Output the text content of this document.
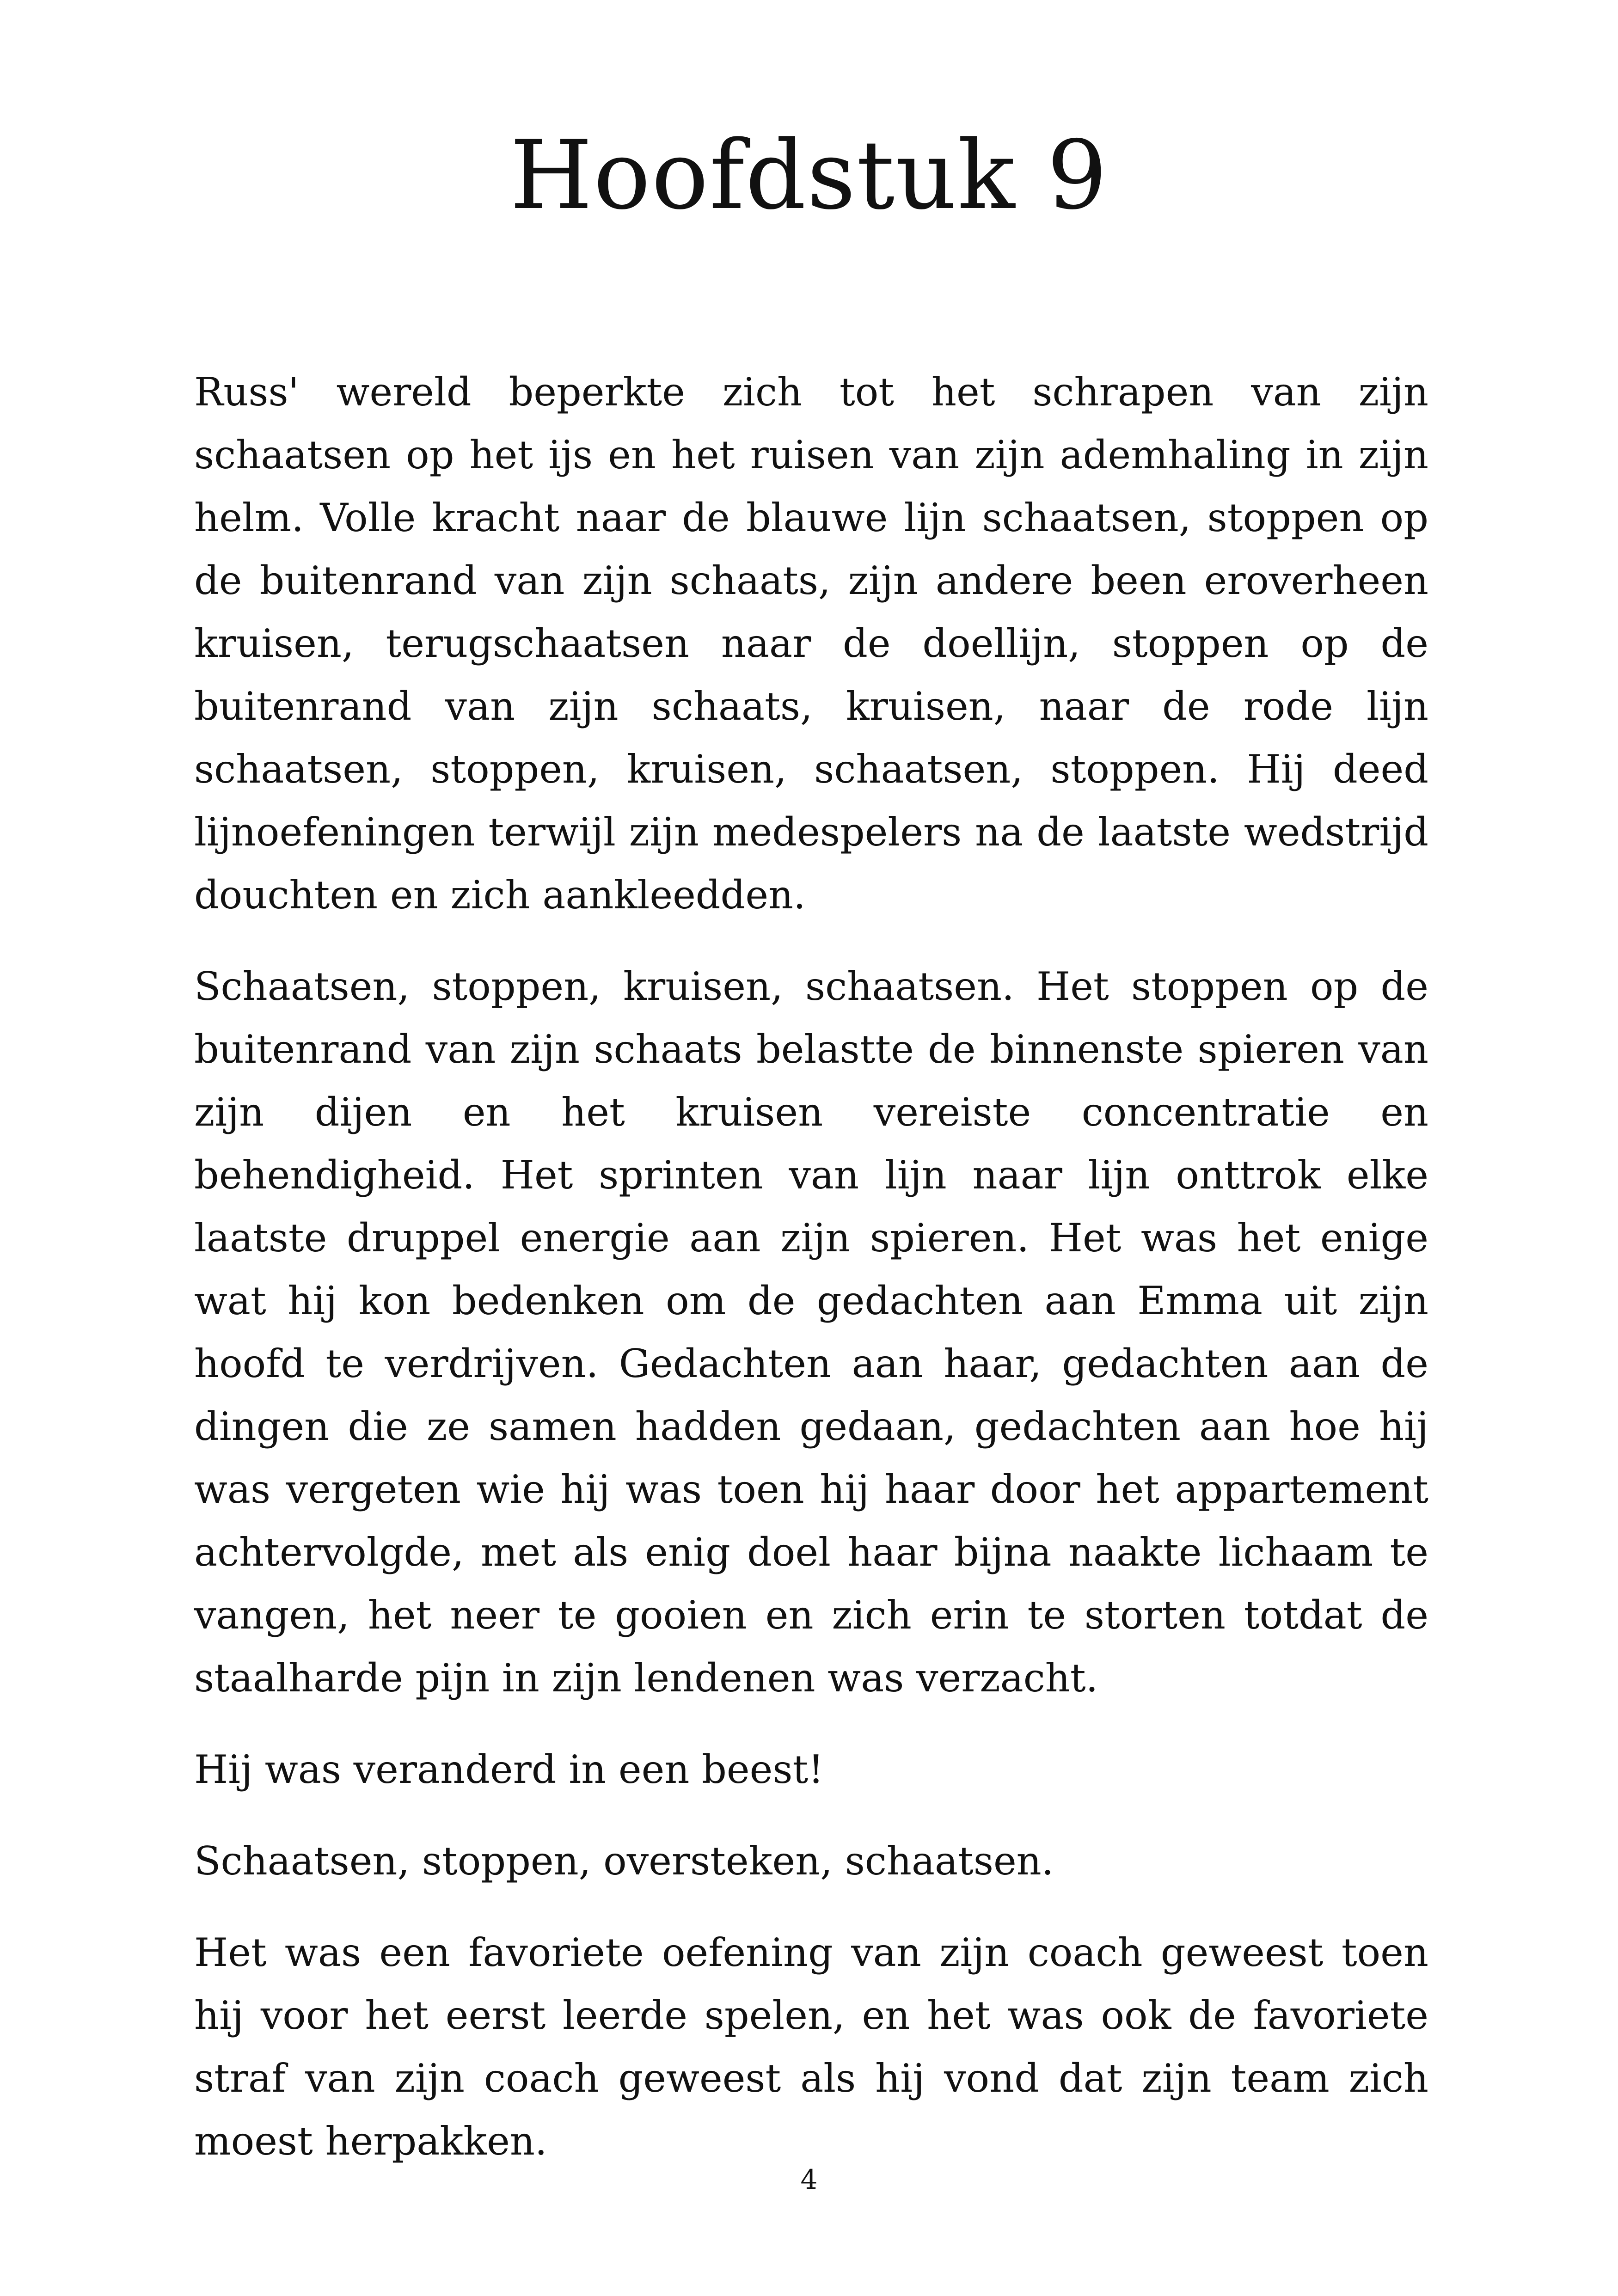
Hoofdstuk 9

Russ' wereld beperkte zich tot het schrapen van zijn schaatsen op het ijs en het ruisen van zijn ademhaling in zijn helm. Volle kracht naar de blauwe lijn schaatsen, stoppen op de buitenrand van zijn schaats, zijn andere been eroverheen kruisen, terugschaatsen naar de doellijn, stoppen op de buitenrand van zijn schaats, kruisen, naar de rode lijn schaatsen, stoppen, kruisen, schaatsen, stoppen. Hij deed lijnoefeningen terwijl zijn medespelers na de laatste wedstrijd douchten en zich aankleedden.

Schaatsen, stoppen, kruisen, schaatsen. Het stoppen op de buitenrand van zijn schaats belastte de binnenste spieren van zijn dijen en het kruisen vereiste concentratie en behendigheid. Het sprinten van lijn naar lijn onttrok elke laatste druppel energie aan zijn spieren. Het was het enige wat hij kon bedenken om de gedachten aan Emma uit zijn hoofd te verdrijven. Gedachten aan haar, gedachten aan de dingen die ze samen hadden gedaan, gedachten aan hoe hij was vergeten wie hij was toen hij haar door het appartement achtervolgde, met als enig doel haar bijna naakte lichaam te vangen, het neer te gooien en zich erin te storten totdat de staalharde pijn in zijn lendenen was verzacht.

Hij was veranderd in een beest!

Schaatsen, stoppen, oversteken, schaatsen.

Het was een favoriete oefening van zijn coach geweest toen hij voor het eerst leerde spelen, en het was ook de favoriete straf van zijn coach geweest als hij vond dat zijn team zich moest herpakken.

4
